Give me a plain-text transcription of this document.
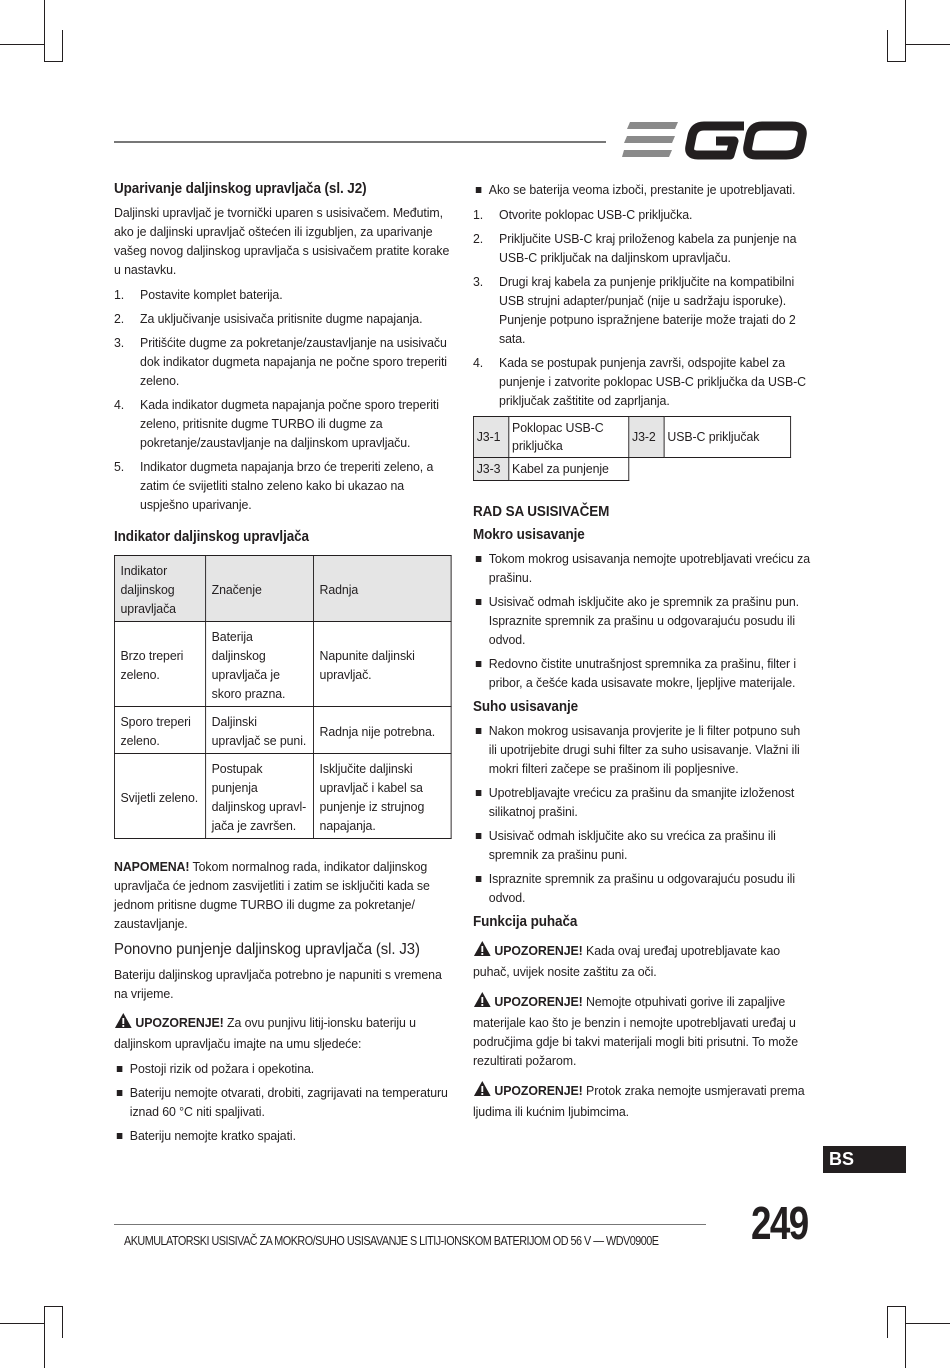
Uparivanje daljinskog upravljača (sl. J2)

Daljinski upravljač je tvornički uparen s usisivačem. Međutim, ako je daljinski upravljač oštećen ili izgubljen, za uparivanje vašeg novog daljinskog upravljača s usisivačem pratite korake u nastavku.

1. Postavite komplet baterija.
2. Za uključivanje usisivača pritisnite dugme napajanja.
3. Pritišćite dugme za pokretanje/zaustavljanje na usisivaču dok indikator dugmeta napajanja ne počne sporo treperiti zeleno.
4. Kada indikator dugmeta napajanja počne sporo treperiti zeleno, pritisnite dugme TURBO ili dugme za pokretanje/zaustavljanje na daljinskom upravljaču.
5. Indikator dugmeta napajanja brzo će treperiti zeleno, a zatim će svijetliti stalno zeleno kako bi ukazao na uspješno uparivanje.
Indikator daljinskog upravljača
Indikator daljinskog upravljača	Značenje	Radnja
Brzo treperi zeleno.	Baterija daljinskog upravljača je skoro prazna.	Napunite daljinski upravljač.
Sporo treperi zeleno.	Daljinski upravljač se puni.	Radnja nije potrebna.
Svijetli zeleno.	Postupak punjenja daljinskog upravl-jača je završen.	Isključite daljinski upravljač i kabel sa punjenje iz strujnog napajanja.

NAPOMENA! Tokom normalnog rada, indikator daljinskog upravljača će jednom zasvijetliti i zatim se isključiti kada se jednom pritisne dugme TURBO ili dugme za pokretanje/ zaustavljanje.

Ponovno punjenje daljinskog upravljača (sl. J3)

Bateriju daljinskog upravljača potrebno je napuniti s vremena na vrijeme.

UPOZORENJE! Za ovu punjivu litij-ionsku bateriju u daljinskom upravljaču imajte na umu sljedeće:

Postoji rizik od požara i opekotina.
Bateriju nemojte otvarati, drobiti, zagrijavati na temperaturu iznad 60 °C niti spaljivati.
Bateriju nemojte kratko spajati.
Ako se baterija veoma izboči, prestanite je upotrebljavati.
1. Otvorite poklopac USB-C priključka.
2. Priključite USB-C kraj priloženog kabela za punjenje na USB-C priključak na daljinskom upravljaču.
3. Drugi kraj kabela za punjenje priključite na kompatibilni USB strujni adapter/punjač (nije u sadržaju isporuke). Punjenje potpuno ispražnjene baterije može trajati do 2 sata.
4. Kada se postupak punjenja završi, odspojite kabel za punjenje i zatvorite poklopac USB-C priključka da USB-C priključak zaštitite od zaprljanja.
J3-1	Poklopac USB-C priključka	J3-2	USB-C priključak
J3-3	Kabel za punjenje		
RAD SA USISIVAČEM
Mokro usisavanje
Tokom mokrog usisavanja nemojte upotrebljavati vrećicu za prašinu.
Usisivač odmah isključite ako je spremnik za prašinu pun. Ispraznite spremnik za prašinu u odgovarajuću posudu ili odvod.
Redovno čistite unutrašnjost spremnika za prašinu, filter i pribor, a češće kada usisavate mokre, ljepljive materijale.
Suho usisavanje
Nakon mokrog usisavanja provjerite je li filter potpuno suh ili upotrijebite drugi suhi filter za suho usisavanje. Vlažni ili mokri filteri začepe se prašinom ili popljesnive.
Upotrebljavajte vrećicu za prašinu da smanjite izloženost silikatnoj prašini.
Usisivač odmah isključite ako su vrećica za prašinu ili spremnik za prašinu puni.
Ispraznite spremnik za prašinu u odgovarajuću posudu ili odvod.
Funkcija puhača

UPOZORENJE! Kada ovaj uređaj upotrebljavate kao puhač, uvijek nosite zaštitu za oči.

UPOZORENJE! Nemojte otpuhivati gorive ili zapaljive materijale kao što je benzin i nemojte upotrebljavati uređaj u područjima gdje bi takvi materijali mogli biti prisutni. To može rezultirati požarom.

UPOZORENJE! Protok zraka nemojte usmjeravati prema ljudima ili kućnim ljubimcima.

BS
AKUMULATORSKI USISIVAČ ZA MOKRO/SUHO USISAVANJE S LITIJ-IONSKOM BATERIJOM OD 56 V — WDV0900E 249
